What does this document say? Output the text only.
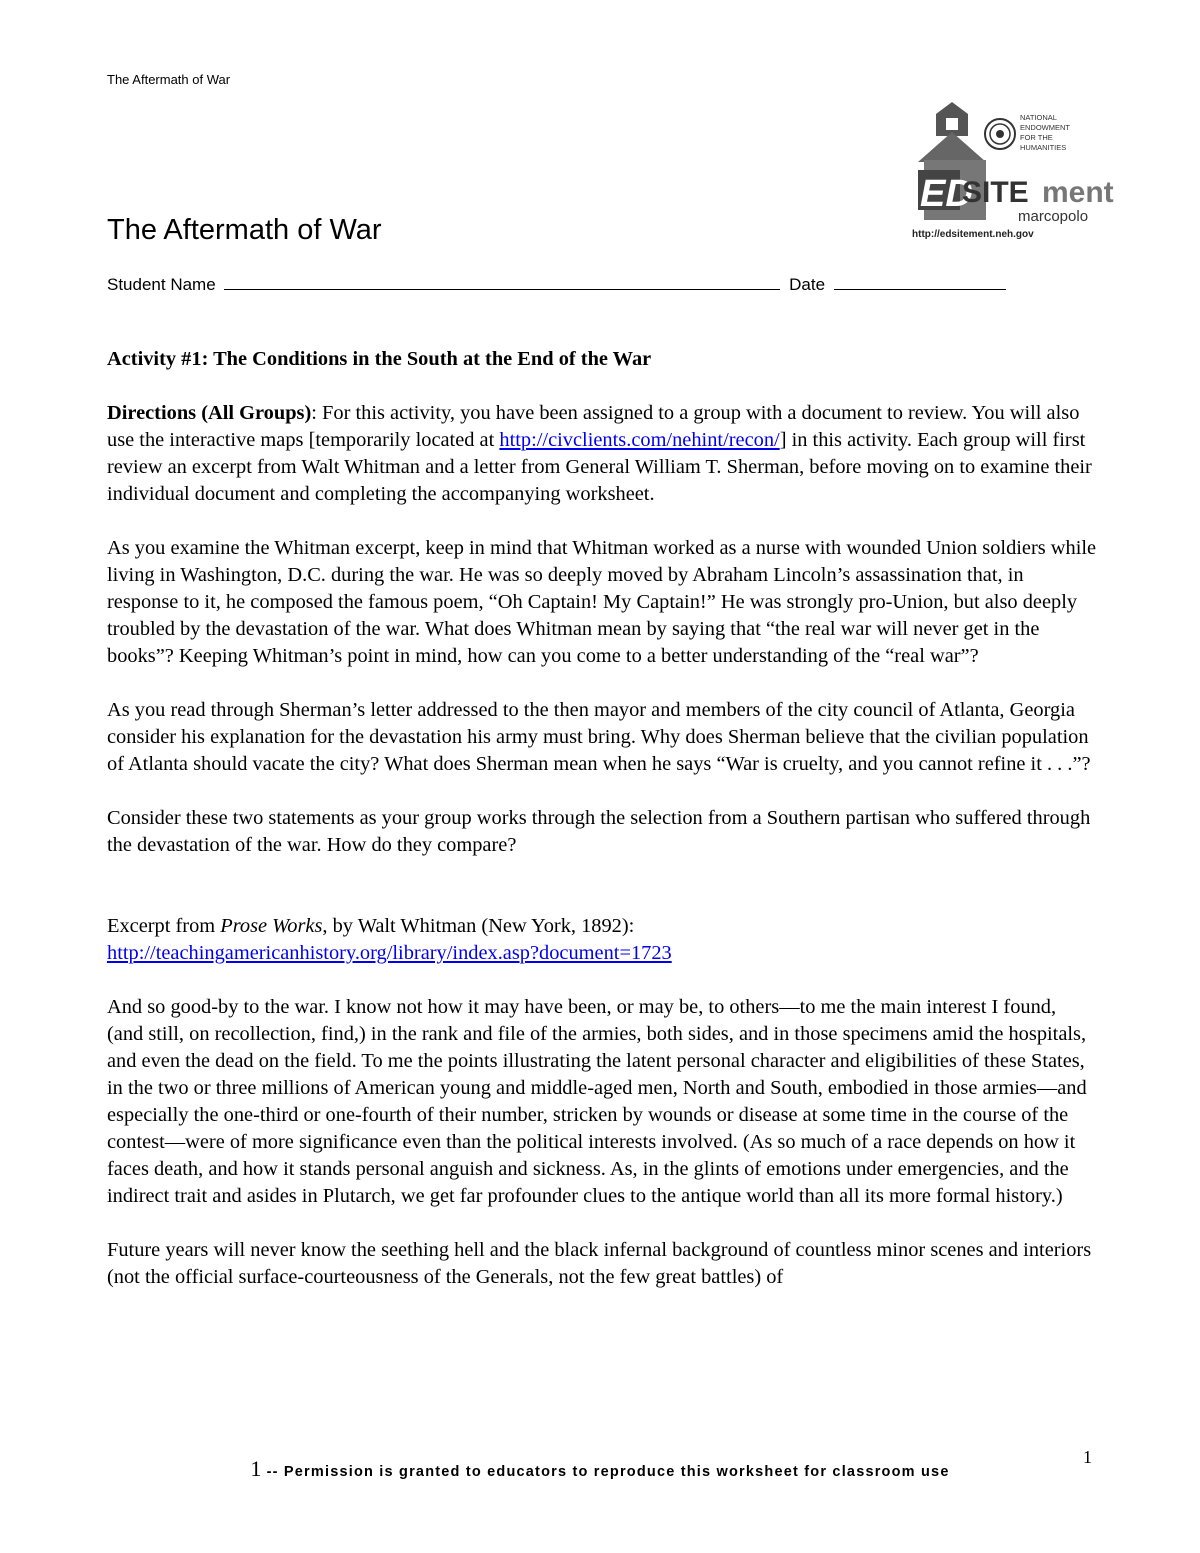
The Aftermath of War
NATIONAL
ENDOWMENT
FOR THE
HUMANITIES
ED
SITE ment
marcopolo
http://edsitement.neh.gov
The Aftermath of War
Student Name	Date

Activity #1: The Conditions in the South at the End of the War

Directions (All Groups): For this activity, you have been assigned to a group with a document to review. You will also use the interactive maps [temporarily located at http://civclients.com/nehint/recon/] in this activity. Each group will first review an excerpt from Walt Whitman and a letter from General William T. Sherman, before moving on to examine their individual document and completing the accompanying worksheet.

As you examine the Whitman excerpt, keep in mind that Whitman worked as a nurse with wounded Union soldiers while living in Washington, D.C. during the war. He was so deeply moved by Abraham Lincoln’s assassination that, in response to it, he composed the famous poem, “Oh Captain! My Captain!” He was strongly pro-Union, but also deeply troubled by the devastation of the war. What does Whitman mean by saying that “the real war will never get in the books”? Keeping Whitman’s point in mind, how can you come to a better understanding of the “real war”?

As you read through Sherman’s letter addressed to the then mayor and members of the city council of Atlanta, Georgia consider his explanation for the devastation his army must bring. Why does Sherman believe that the civilian population of Atlanta should vacate the city? What does Sherman mean when he says “War is cruelty, and you cannot refine it . . .”?

Consider these two statements as your group works through the selection from a Southern partisan who suffered through the devastation of the war. How do they compare?

Excerpt from Prose Works, by Walt Whitman (New York, 1892):
http://teachingamericanhistory.org/library/index.asp?document=1723

And so good-by to the war. I know not how it may have been, or may be, to others—to me the main interest I found, (and still, on recollection, find,) in the rank and file of the armies, both sides, and in those specimens amid the hospitals, and even the dead on the field. To me the points illustrating the latent personal character and eligibilities of these States, in the two or three millions of American young and middle-aged men, North and South, embodied in those armies—and especially the one-third or one-fourth of their number, stricken by wounds or disease at some time in the course of the contest—were of more significance even than the political interests involved. (As so much of a race depends on how it faces death, and how it stands personal anguish and sickness. As, in the glints of emotions under emergencies, and the indirect trait and asides in Plutarch, we get far profounder clues to the antique world than all its more formal history.)

Future years will never know the seething hell and the black infernal background of countless minor scenes and interiors (not the official surface-courteousness of the Generals, not the few great battles) of

1 -- Permission is granted to educators to reproduce this worksheet for classroom use
1
